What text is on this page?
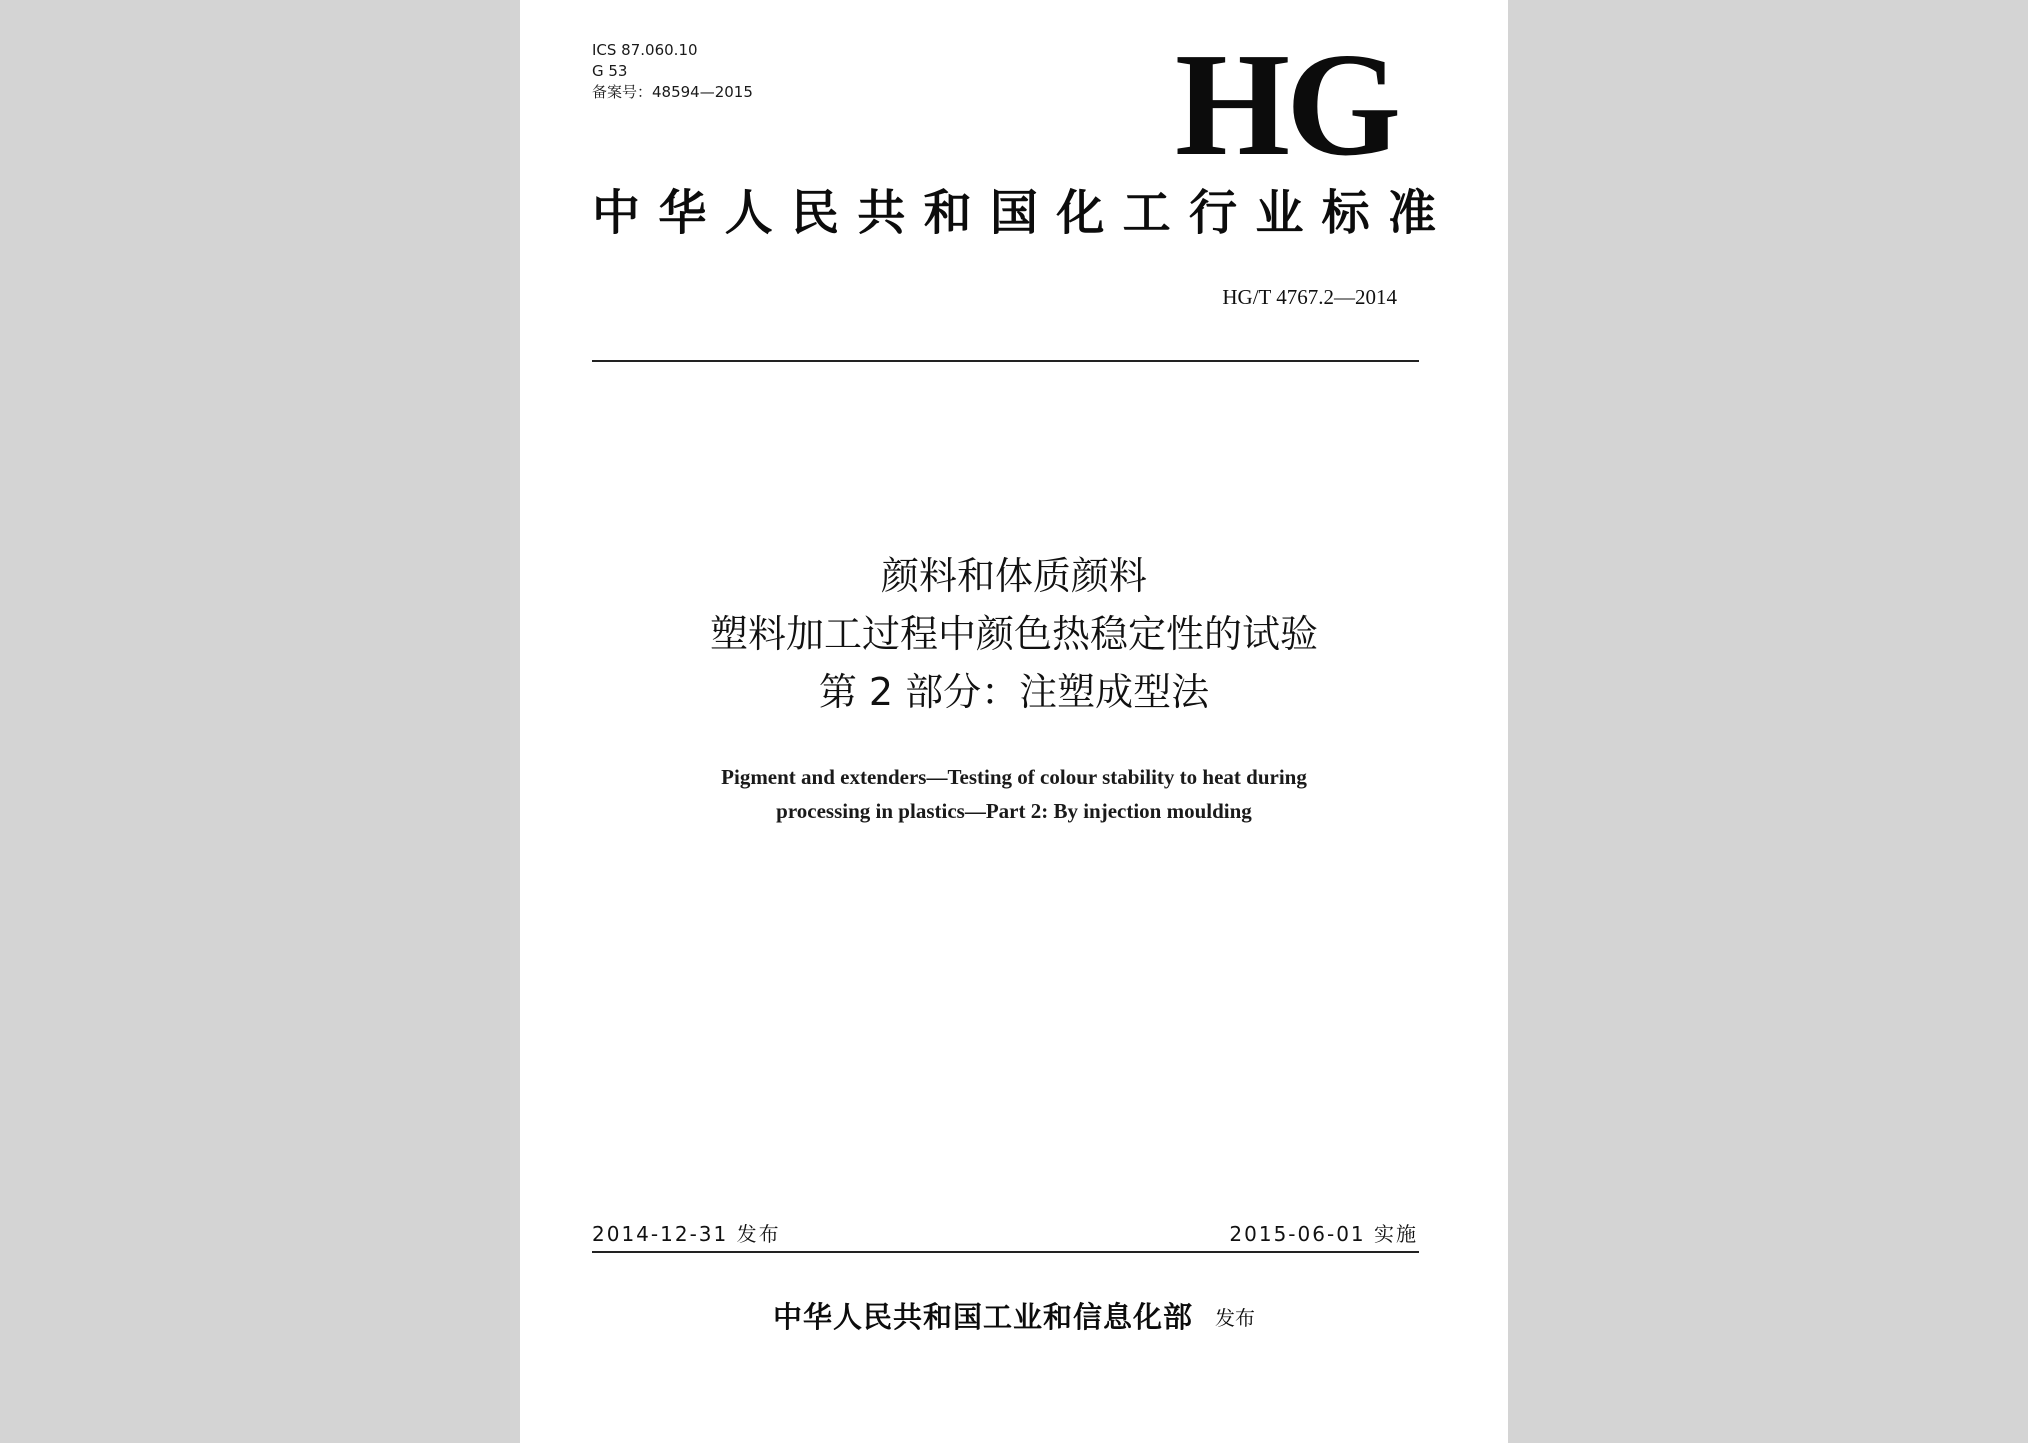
ICS 87.060.10
G 53
备案号：48594—2015	HG
中华人民共和国化工行业标准
HG/T 4767.2—2014
颜料和体质颜料
塑料加工过程中颜色热稳定性的试验
第 2 部分：注塑成型法
Pigment and extenders—Testing of colour stability to heat during
processing in plastics—Part 2: By injection moulding
2014-12-31 发布	2015-06-01 实施
中华人民共和国工业和信息化部 发布
